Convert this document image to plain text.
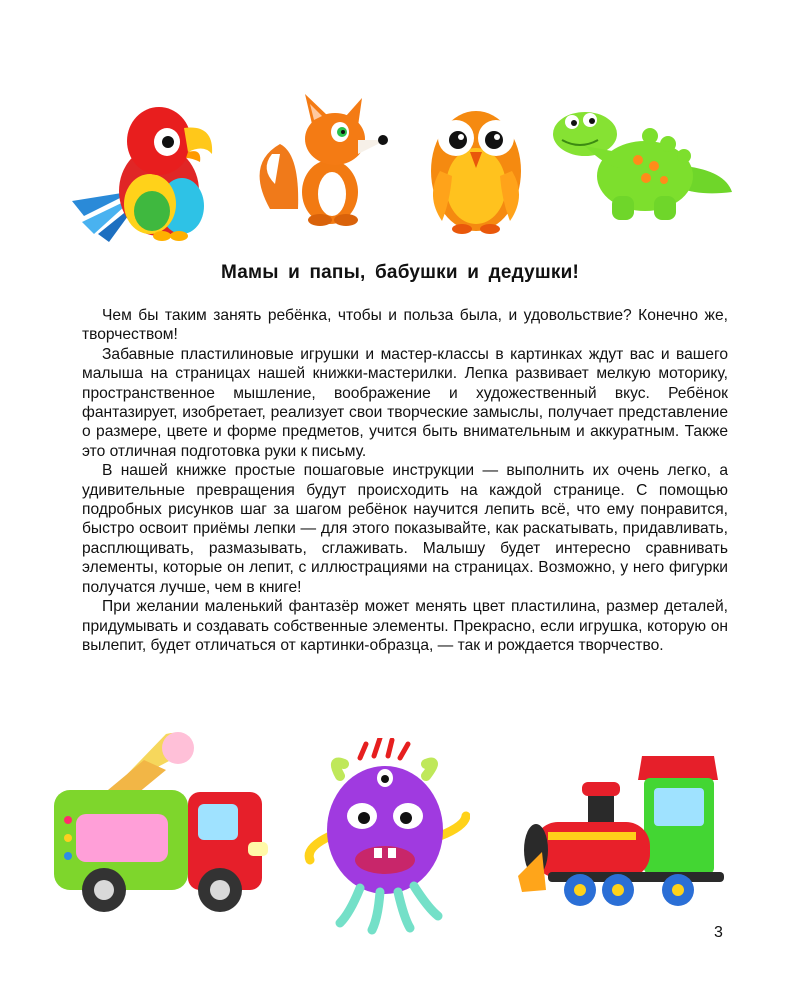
Мамы и папы, бабушки и дедушки!

Чем бы таким занять ребёнка, чтобы и польза была, и удовольствие? Конечно же, творчеством!

Забавные пластилиновые игрушки и мастер-классы в картинках ждут вас и вашего малыша на страницах нашей книжки-мастерилки. Лепка развивает мелкую моторику, пространственное мышление, воображение и художественный вкус. Ребёнок фантазирует, изобретает, реализует свои творческие замыслы, получает представление о размере, цвете и форме предметов, учится быть внимательным и аккуратным. Также это отличная подготовка руки к письму.

В нашей книжке простые пошаговые инструкции — выполнить их очень легко, а удивительные превращения будут происходить на каждой странице. С помощью подробных рисунков шаг за шагом ребёнок научится лепить всё, что ему понравится, быстро освоит приёмы лепки — для этого показывайте, как раскатывать, придавливать, расплющивать, размазывать, сглаживать. Малышу будет интересно сравнивать элементы, которые он лепит, с иллюстрациями на страницах. Возможно, у него фигурки получатся лучше, чем в книге!

При желании маленький фантазёр может менять цвет пластилина, размер деталей, придумывать и создавать собственные элементы. Прекрасно, если игрушка, которую он вылепит, будет отличаться от картинки-образца, — так и рождается творчество.

3
